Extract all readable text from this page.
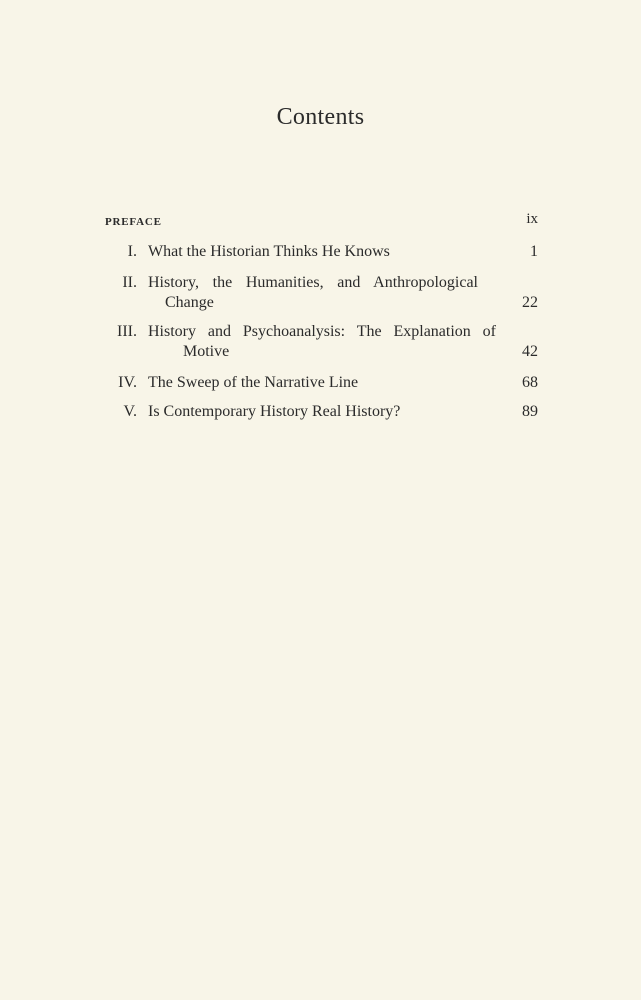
Contents
PREFACE	ix
I. What the Historian Thinks He Knows	1
II. History, the Humanities, and Anthropological
Change	22
III. History and Psychoanalysis: The Explanation of
Motive	42
IV. The Sweep of the Narrative Line	68
V. Is Contemporary History Real History?	89
